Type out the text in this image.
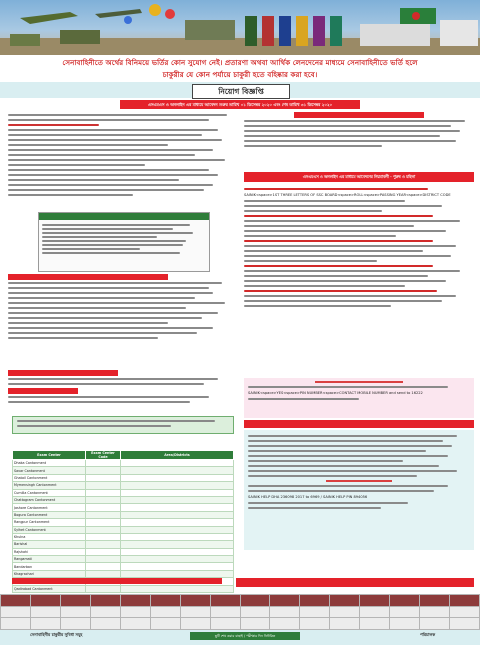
সেনাবাহিনীতে অর্থের বিনিময়ে ভর্তির কোন সুযোগ নেই। প্রতারণা অথবা আর্থিক লেনদেনের মাধ্যমে সেনাবাহিনীতে ভর্তি হলে
চাকুরীর যে কোন পর্যায়ে চাকুরী হতে বহিষ্কার করা হবে।
নিয়োগ বিজ্ঞপ্তি
এসএমএস ও অনলাইন এর মাধ্যমে আবেদন শুরুর তারিখ ০১ ডিসেম্বর ২০২০ এবং শেষ তারিখ ৩১ ডিসেম্বর ২০২০
Exam Center	Exam Center Code	Area/Districts
Dhaka Cantonment		
Savar Cantonment		
Ghatail Cantonment		
Mymensingh Cantonment		
Cumilla Cantonment		
Chattogram Cantonment		
Jashore Cantonment		
Bogura Cantonment		
Rangpur Cantonment		
Sylhet Cantonment		
Khulna		
Barishal		
Rajshahi		
Rangamati		
Bandarban		
Khagrachari		

Qadirabad Cantonment		
এসএমএস ও অনলাইন এর মাধ্যমে আবেদনের নিয়মাবলী - পুরুষ ও মহিলা
SAINIK<space>1ST THREE LETTERS OF SSC BOARD<space>ROLL<space>PASSING YEAR<space>DISTRICT CODE
SAINIK<space>YES<space>PIN NUMBER<space>CONTACT MOBILE NUMBER and send to 16222
SAINIK HELP DHA 236098 2017 to 6969 / SAINIK HELP PIN 894056

সেনাবাহিনীর চাকুরীর সুবিধা সমূহ	ছুটি শেষ করার বাছাই / পরীক্ষার দিন নির্ধারিত	পরিচালক
